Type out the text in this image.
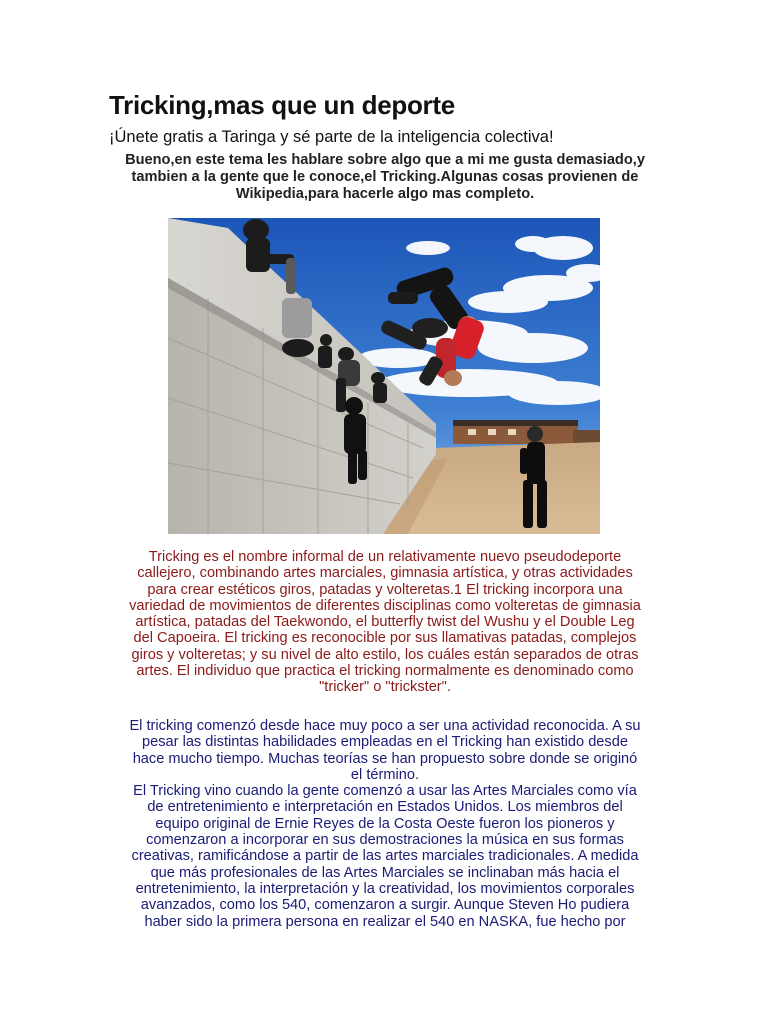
Tricking,mas que un deporte

¡Únete gratis a Taringa y sé parte de la inteligencia colectiva!

Bueno,en este tema les hablare sobre algo que a mi me gusta demasiado,y tambien a la gente que le conoce,el Tricking.Algunas cosas provienen de Wikipedia,para hacerle algo mas completo.

Tricking es el nombre informal de un relativamente nuevo pseudodeporte
callejero, combinando artes marciales, gimnasia artística, y otras actividades
para crear estéticos giros, patadas y volteretas.1 El tricking incorpora una
variedad de movimientos de diferentes disciplinas como volteretas de gimnasia
artística, patadas del Taekwondo, el butterfly twist del Wushu y el Double Leg
del Capoeira. El tricking es reconocible por sus llamativas patadas, complejos
giros y volteretas; y su nivel de alto estilo, los cuáles están separados de otras
artes. El individuo que practica el tricking normalmente es denominado como
"tricker" o "trickster".

El tricking comenzó desde hace muy poco a ser una actividad reconocida. A su
pesar las distintas habilidades empleadas en el Tricking han existido desde
hace mucho tiempo. Muchas teorías se han propuesto sobre donde se originó
el término.
El Tricking vino cuando la gente comenzó a usar las Artes Marciales como vía
de entretenimiento e interpretación en Estados Unidos. Los miembros del
equipo original de Ernie Reyes de la Costa Oeste fueron los pioneros y
comenzaron a incorporar en sus demostraciones la música en sus formas
creativas, ramificándose a partir de las artes marciales tradicionales. A medida
que más profesionales de las Artes Marciales se inclinaban más hacia el
entretenimiento, la interpretación y la creatividad, los movimientos corporales
avanzados, como los 540, comenzaron a surgir. Aunque Steven Ho pudiera
haber sido la primera persona en realizar el 540 en NASKA, fue hecho por
